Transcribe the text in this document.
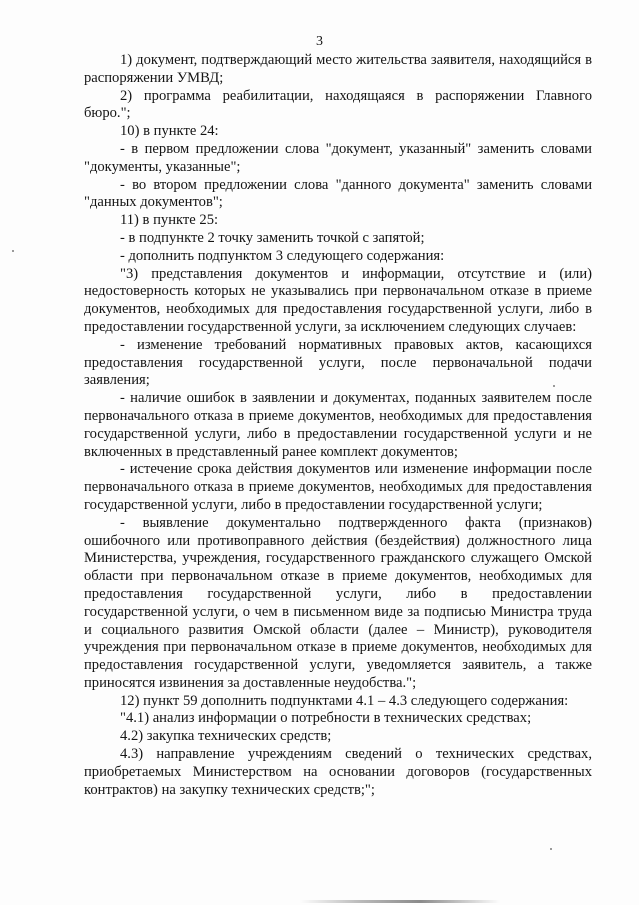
3

1) документ, подтверждающий место жительства заявителя, находящийся в распоряжении УМВД;

2) программа реабилитации, находящаяся в распоряжении Главного бюро.";

10) в пункте 24:

- в первом предложении слова "документ, указанный" заменить словами "документы, указанные";

- во втором предложении слова "данного документа" заменить словами "данных документов";

11) в пункте 25:

- в подпункте 2 точку заменить точкой с запятой;

- дополнить подпунктом 3 следующего содержания:

"3) представления документов и информации, отсутствие и (или) недостоверность которых не указывались при первоначальном отказе в приеме документов, необходимых для предоставления государственной услуги, либо в предоставлении государственной услуги, за исключением следующих случаев:

- изменение требований нормативных правовых актов, касающихся предоставления государственной услуги, после первоначальной подачи заявления;

- наличие ошибок в заявлении и документах, поданных заявителем после первоначального отказа в приеме документов, необходимых для предоставления государственной услуги, либо в предоставлении государственной услуги и не включенных в представленный ранее комплект документов;

- истечение срока действия документов или изменение информации после первоначального отказа в приеме документов, необходимых для предоставления государственной услуги, либо в предоставлении государственной услуги;

- выявление документально подтвержденного факта (признаков) ошибочного или противоправного действия (бездействия) должностного лица Министерства, учреждения, государственного гражданского служащего Омской области при первоначальном отказе в приеме документов, необходимых для предоставления государственной услуги, либо в предоставлении государственной услуги, о чем в письменном виде за подписью Министра труда и социального развития Омской области (далее – Министр), руководителя учреждения при первоначальном отказе в приеме документов, необходимых для предоставления государственной услуги, уведомляется заявитель, а также приносятся извинения за доставленные неудобства.";

12) пункт 59 дополнить подпунктами 4.1 – 4.3 следующего содержания:

"4.1) анализ информации о потребности в технических средствах;

4.2) закупка технических средств;

4.3) направление учреждениям сведений о технических средствах, приобретаемых Министерством на основании договоров (государственных контрактов) на закупку технических средств;";
